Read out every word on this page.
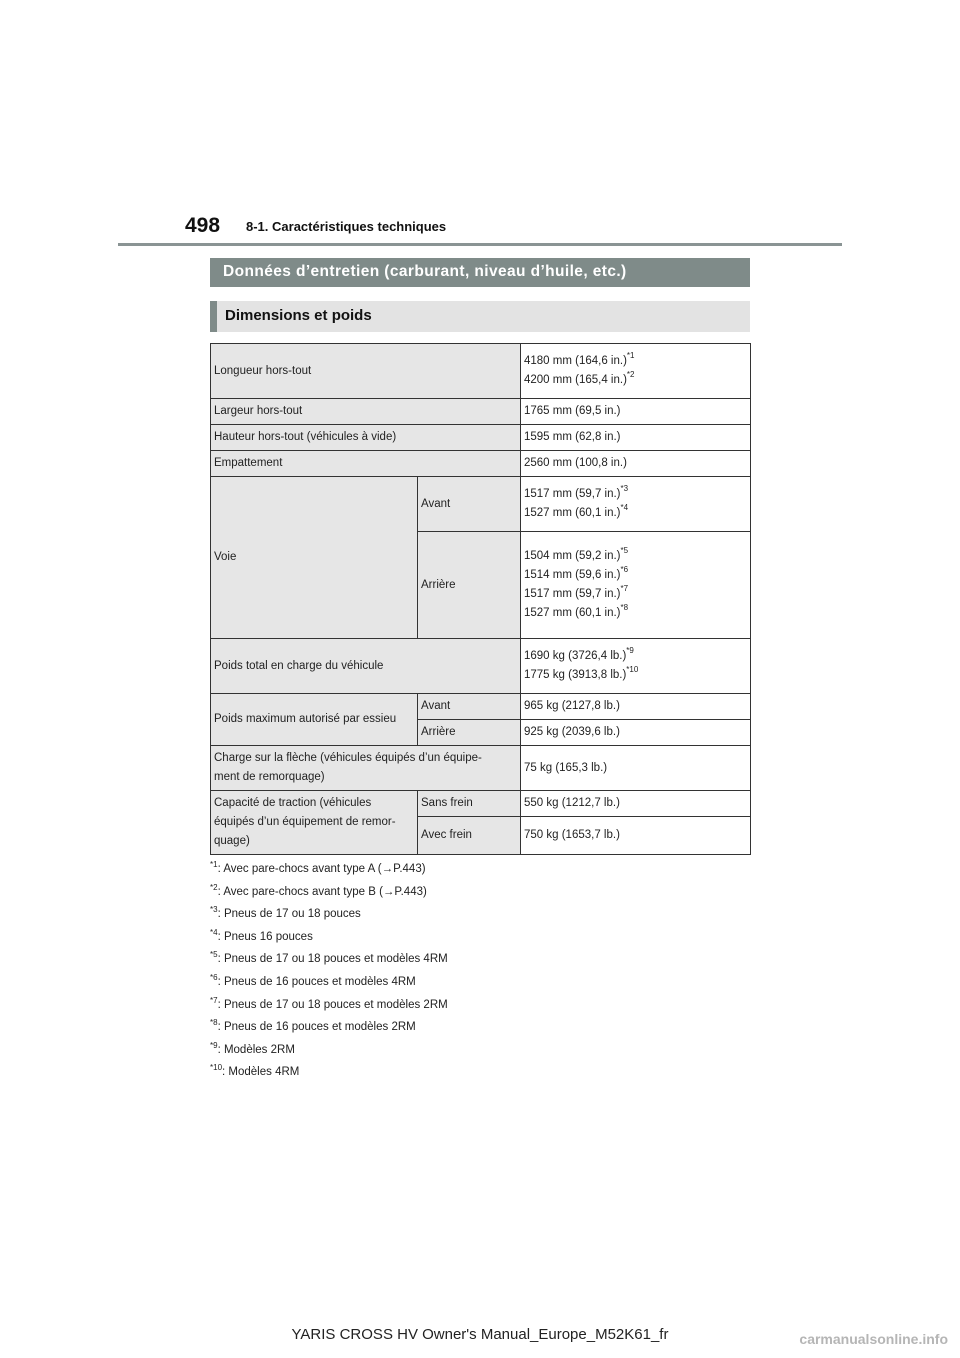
498 8-1. Caractéristiques techniques
Données d’entretien (carburant, niveau d’huile, etc.)
Dimensions et poids
Longueur hors-tout		4180 mm (164,6 in.)$^{*1}$
4200 mm (165,4 in.)$^{*2}$

Largeur hors-tout		1765 mm (69,5 in.)
Hauteur hors-tout (véhicules à vide)		1595 mm (62,8 in.)
Empattement		2560 mm (100,8 in.)
Voie	Avant	1517 mm (59,7 in.)$^{*3}$
1527 mm (60,1 in.)$^{*4}$

	Arrière	1504 mm (59,2 in.)$^{*5}$
1514 mm (59,6 in.)$^{*6}$
1517 mm (59,7 in.)$^{*7}$
1527 mm (60,1 in.)$^{*8}$

Poids total en charge du véhicule		1690 kg (3726,4 lb.)$^{*9}$
1775 kg (3913,8 lb.)$^{*10}$

Poids maximum autorisé par essieu	Avant	965 kg (2127,8 lb.)
	Arrière	925 kg (2039,6 lb.)

Charge sur la flèche (véhicules équipés d’un équipe-
ment de remorquage)		75 kg (165,3 lb.)

Capacité de traction (véhicules
équipés d’un équipement de remor-
quage)	Sans frein	550 kg (1212,7 lb.)
	Avec frein	750 kg (1653,7 lb.)
$^{*1}$: Avec pare-chocs avant type A (→P.443)
$^{*2}$: Avec pare-chocs avant type B (→P.443)
$^{*3}$: Pneus de 17 ou 18 pouces
$^{*4}$: Pneus 16 pouces
$^{*5}$: Pneus de 17 ou 18 pouces et modèles 4RM
$^{*6}$: Pneus de 16 pouces et modèles 4RM
$^{*7}$: Pneus de 17 ou 18 pouces et modèles 2RM
$^{*8}$: Pneus de 16 pouces et modèles 2RM
$^{*9}$: Modèles 2RM
$^{*10}$: Modèles 4RM
YARIS CROSS HV Owner's Manual_Europe_M52K61_fr	carmanualsonline.info
